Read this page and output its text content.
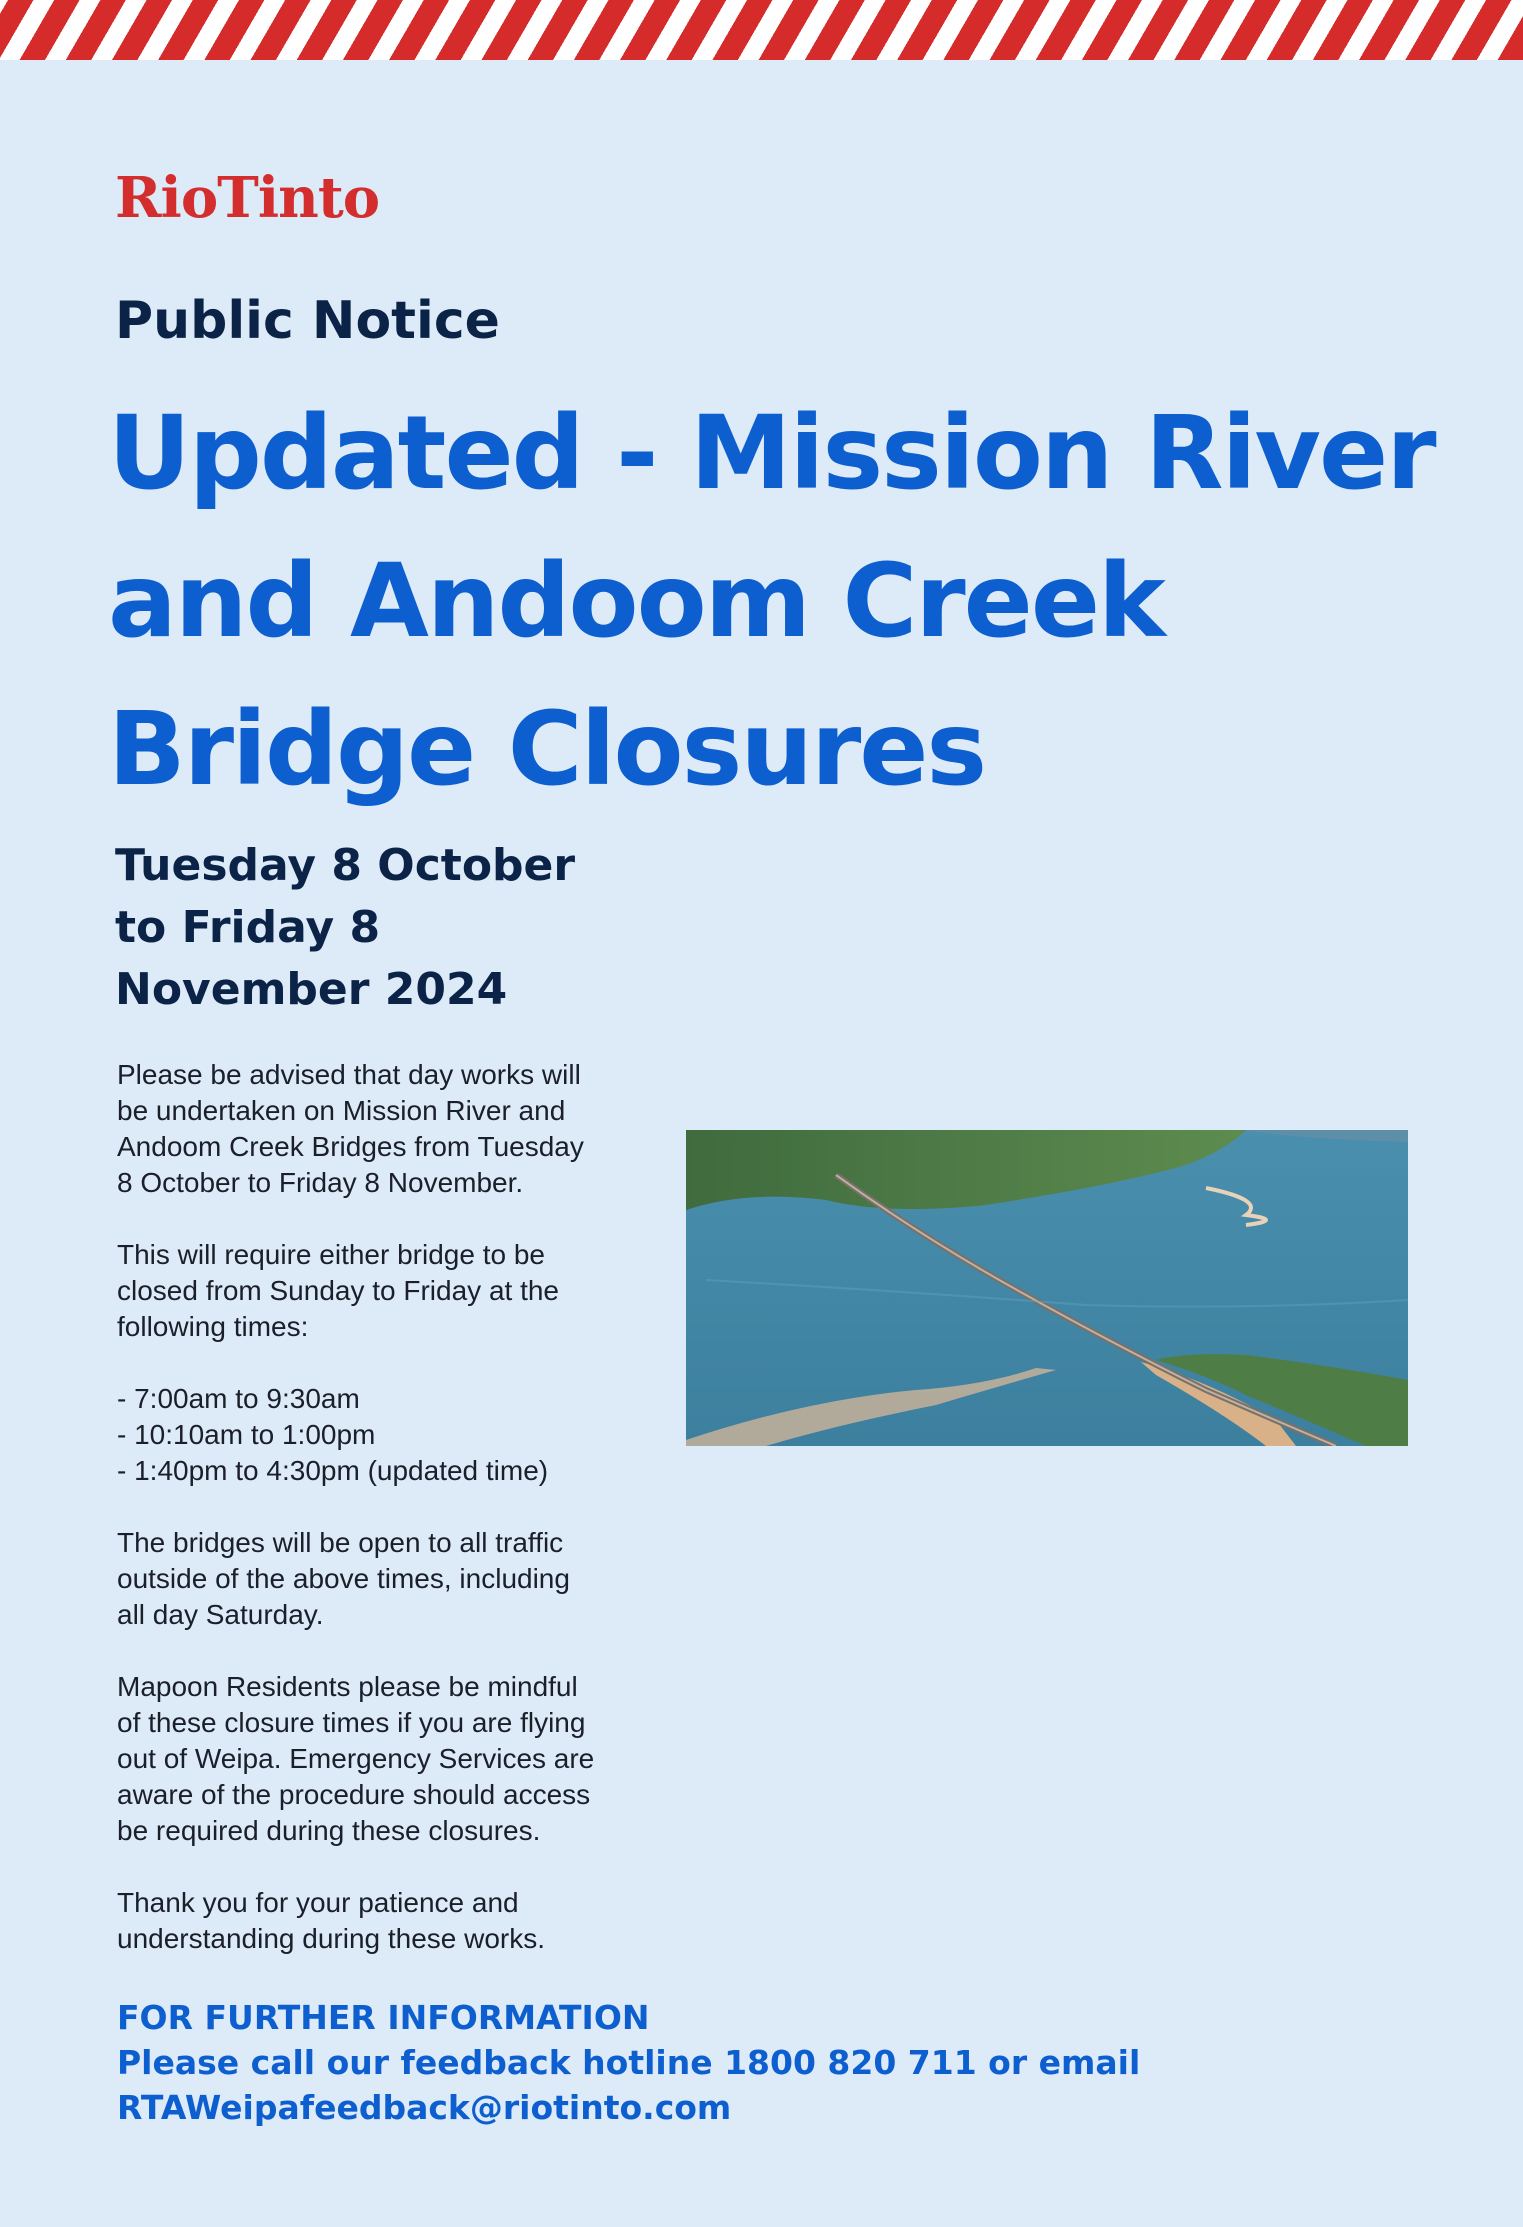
RioTinto
Public Notice
Updated - Mission River
and Andoom Creek
Bridge Closures
Tuesday 8 October
to Friday 8
November 2024
Please be advised that day works will
be undertaken on Mission River and
Andoom Creek Bridges from Tuesday
8 October to Friday 8 November.
This will require either bridge to be
closed from Sunday to Friday at the
following times:
- 7:00am to 9:30am
- 10:10am to 1:00pm
- 1:40pm to 4:30pm (updated time)
The bridges will be open to all traffic
outside of the above times, including
all day Saturday.
Mapoon Residents please be mindful
of these closure times if you are flying
out of Weipa. Emergency Services are
aware of the procedure should access
be required during these closures.
Thank you for your patience and
understanding during these works.
FOR FURTHER INFORMATION
Please call our feedback hotline 1800 820 711 or email
RTAWeipafeedback@riotinto.com
